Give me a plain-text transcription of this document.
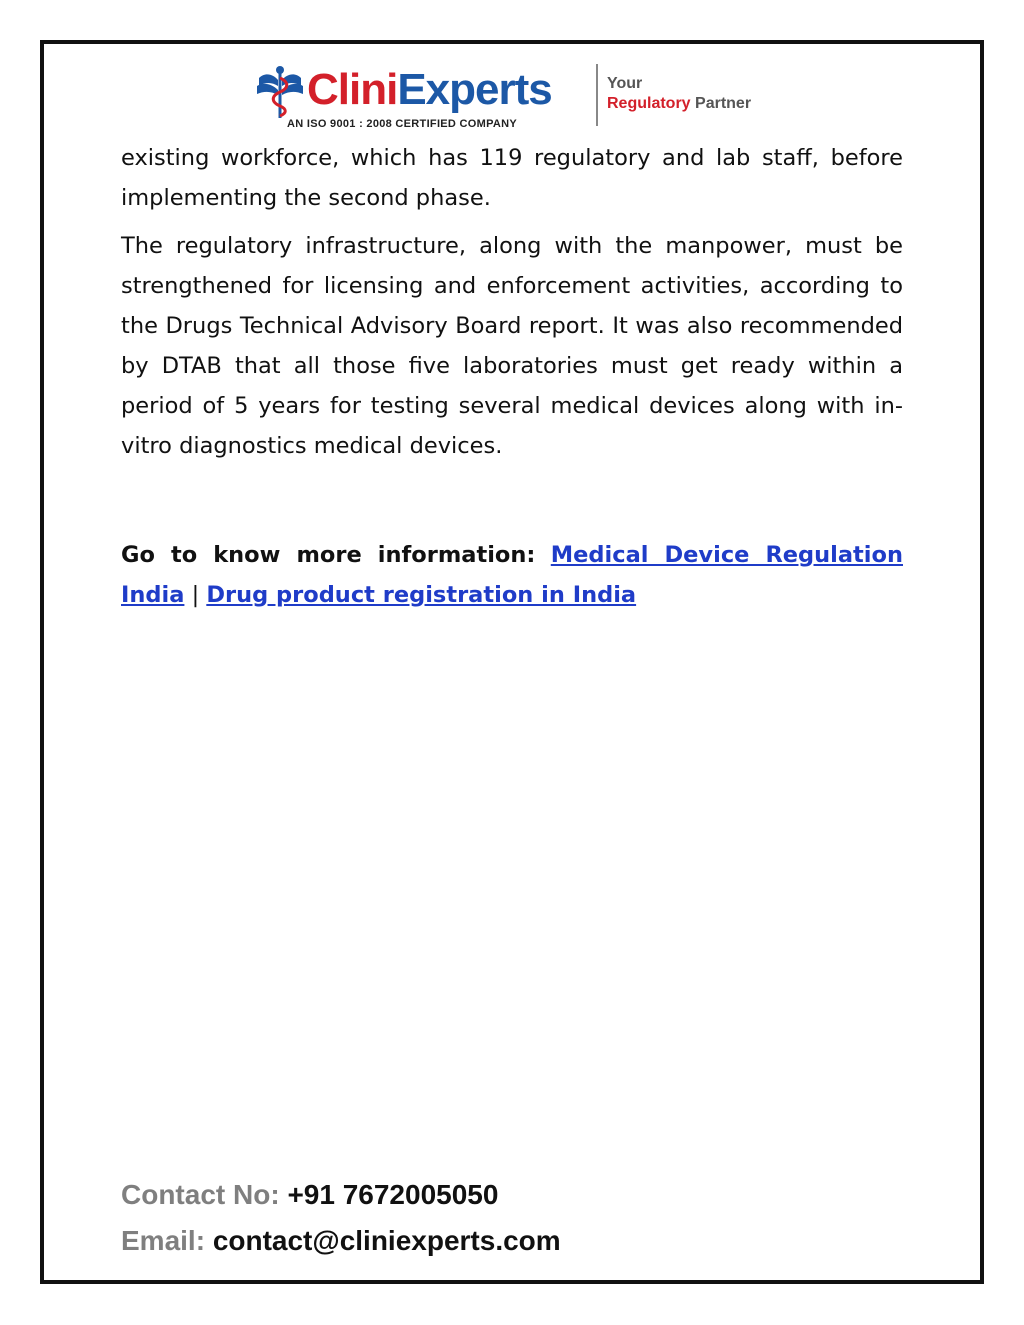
CliniExperts
AN ISO 9001 : 2008 CERTIFIED COMPANY
Your
Regulatory Partner

existing workforce, which has 119 regulatory and lab staff, before implementing the second phase.

The regulatory infrastructure, along with the manpower, must be strengthened for licensing and enforcement activities, according to the Drugs Technical Advisory Board report. It was also recommended by DTAB that all those five laboratories must get ready within a period of 5 years for testing several medical devices along with in-vitro diagnostics medical devices.

Go to know more information: Medical Device Regulation India | Drug product registration in India
Contact No: +91 7672005050
Email: contact@cliniexperts.com
